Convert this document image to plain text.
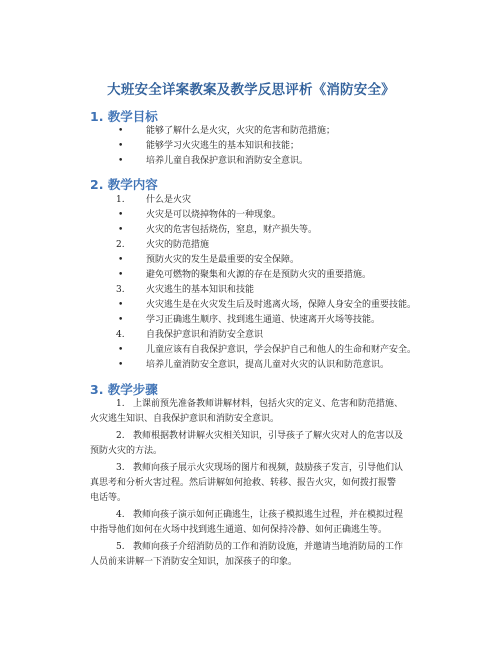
大班安全详案教案及教学反思评析《消防安全》
1. 教学目标
•	能够了解什么是火灾，火灾的危害和防范措施；
•	能够学习火灾逃生的基本知识和技能；
•	培养儿童自我保护意识和消防安全意识。
2. 教学内容
1. 什么是火灾
•	火灾是可以烧掉物体的一种现象。
•	火灾的危害包括烧伤，窒息，财产损失等。
2. 火灾的防范措施
•	预防火灾的发生是最重要的安全保障。
•	避免可燃物的聚集和火源的存在是预防火灾的重要措施。
3. 火灾逃生的基本知识和技能
•	火灾逃生是在火灾发生后及时逃离火场，保障人身安全的重要技能。
•	学习正确逃生顺序、找到逃生通道、快速离开火场等技能。
4. 自我保护意识和消防安全意识
•	儿童应该有自我保护意识，学会保护自己和他人的生命和财产安全。
•	培养儿童消防安全意识，提高儿童对火灾的认识和防范意识。
3. 教学步骤
1. 上课前预先准备教师讲解材料，包括火灾的定义、危害和防范措施、
火灾逃生知识、自我保护意识和消防安全意识。
2. 教师根据教材讲解火灾相关知识，引导孩子了解火灾对人的危害以及
预防火灾的方法。
3. 教师向孩子展示火灾现场的图片和视频，鼓励孩子发言，引导他们认
真思考和分析火害过程。然后讲解如何抢救、转移、报告火灾，如何拨打报警
电话等。
4. 教师向孩子演示如何正确逃生，让孩子模拟逃生过程，并在模拟过程
中指导他们如何在火场中找到逃生通道、如何保持冷静、如何正确逃生等。
5. 教师向孩子介绍消防员的工作和消防设施，并邀请当地消防局的工作
人员前来讲解一下消防安全知识，加深孩子的印象。
